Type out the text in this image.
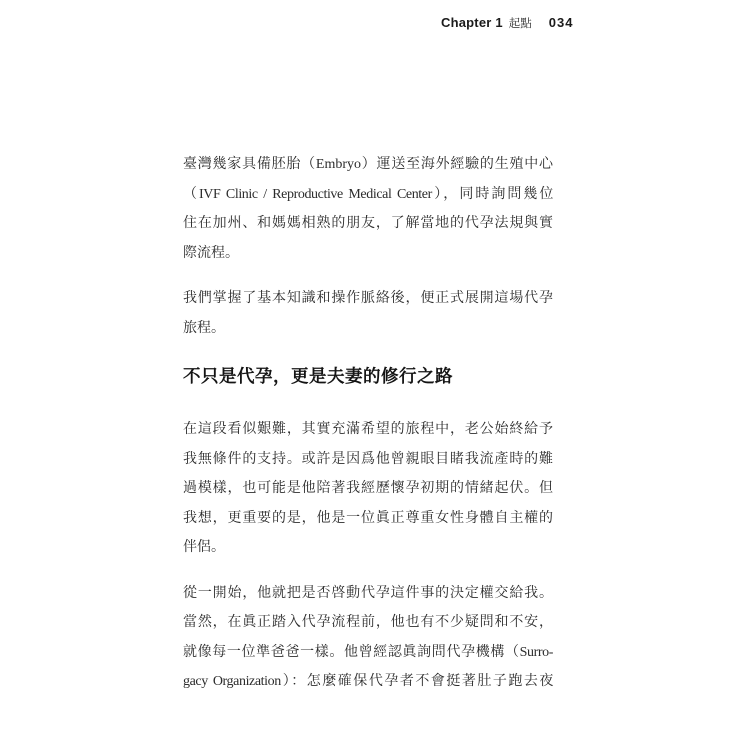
Chapter 1 起點 034

臺灣幾家具備胚胎（Embryo）運送至海外經驗的生殖中心
（IVF Clinic / Reproductive Medical Center），同時詢問幾位
住在加州、和媽媽相熟的朋友，了解當地的代孕法規與實
際流程。

我們掌握了基本知識和操作脈絡後，便正式展開這場代孕
旅程。

不只是代孕，更是夫妻的修行之路

在這段看似艱難，其實充滿希望的旅程中，老公始終給予
我無條件的支持。或許是因爲他曾親眼目睹我流產時的難
過模樣，也可能是他陪著我經歷懷孕初期的情緒起伏。但
我想，更重要的是，他是一位眞正尊重女性身體自主權的
伴侶。

從一開始，他就把是否啓動代孕這件事的決定權交給我。
當然，在眞正踏入代孕流程前，他也有不少疑問和不安，
就像每一位準爸爸一樣。他曾經認眞詢問代孕機構（Surro-
gacy Organization）：怎麼確保代孕者不會挺著肚子跑去夜
